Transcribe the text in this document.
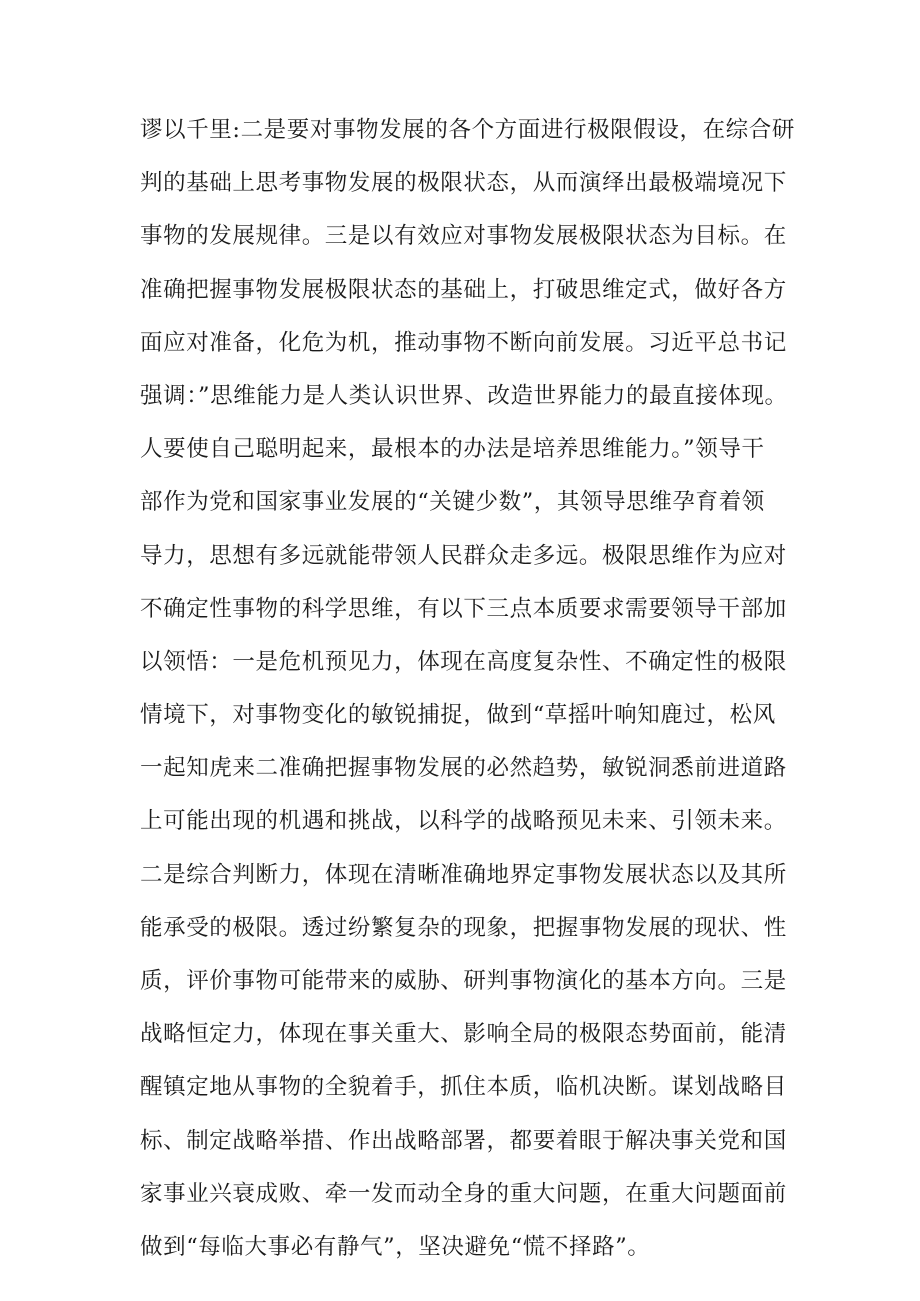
谬以千里:二是要对事物发展的各个方面进行极限假设，在综合研
判的基础上思考事物发展的极限状态，从而演绎出最极端境况下
事物的发展规律。三是以有效应对事物发展极限状态为目标。在
准确把握事物发展极限状态的基础上，打破思维定式，做好各方
面应对准备，化危为机，推动事物不断向前发展。习近平总书记
强调：”思维能力是人类认识世界、改造世界能力的最直接体现。
人要使自己聪明起来，最根本的办法是培养思维能力。”领导干
部作为党和国家事业发展的“关键少数”，其领导思维孕育着领
导力，思想有多远就能带领人民群众走多远。极限思维作为应对
不确定性事物的科学思维，有以下三点本质要求需要领导干部加
以领悟：一是危机预见力，体现在高度复杂性、不确定性的极限
情境下，对事物变化的敏锐捕捉，做到“草摇叶响知鹿过，松风
一起知虎来二准确把握事物发展的必然趋势，敏锐洞悉前进道路
上可能出现的机遇和挑战，以科学的战略预见未来、引领未来。
二是综合判断力，体现在清晰准确地界定事物发展状态以及其所
能承受的极限。透过纷繁复杂的现象，把握事物发展的现状、性
质，评价事物可能带来的威胁、研判事物演化的基本方向。三是
战略恒定力，体现在事关重大、影响全局的极限态势面前，能清
醒镇定地从事物的全貌着手，抓住本质，临机决断。谋划战略目
标、制定战略举措、作出战略部署，都要着眼于解决事关党和国
家事业兴衰成败、牵一发而动全身的重大问题，在重大问题面前
做到“每临大事必有静气”，坚决避免“慌不择路”。
